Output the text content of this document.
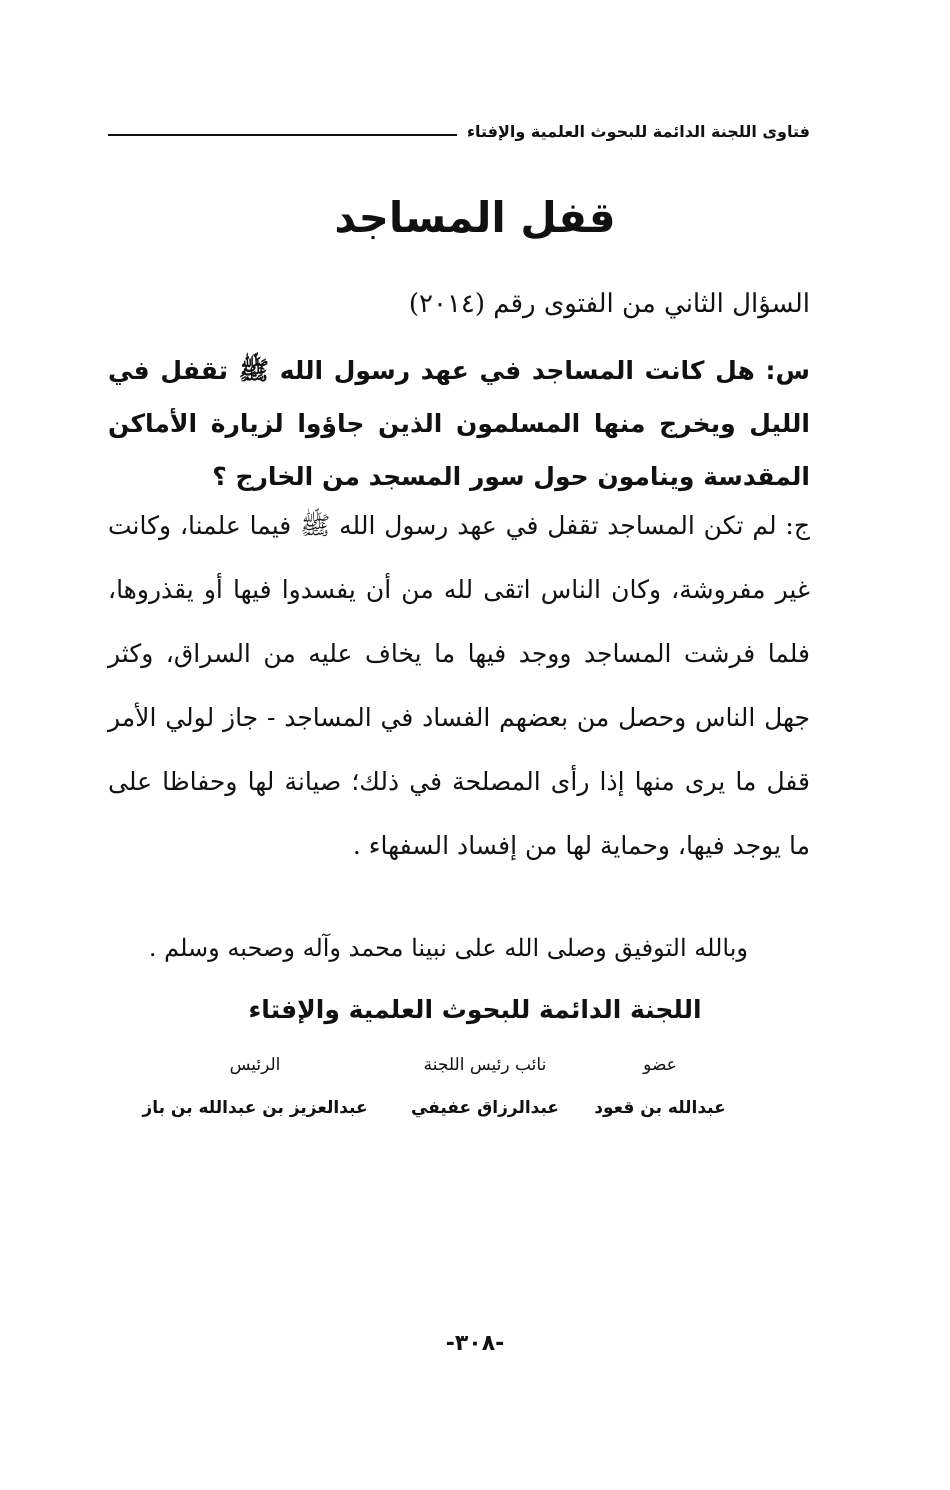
فتاوى اللجنة الدائمة للبحوث العلمية والإفتاء
قفل المساجد
السؤال الثاني من الفتوى رقم (٢٠١٤)
س: هل كانت المساجد في عهد رسول الله ﷺ تقفل في الليل ويخرج منها المسلمون الذين جاؤوا لزيارة الأماكن المقدسة وينامون حول سور المسجد من الخارج ؟
ج: لم تكن المساجد تقفل في عهد رسول الله ﷺ فيما علمنا، وكانت غير مفروشة، وكان الناس اتقى لله من أن يفسدوا فيها أو يقذروها، فلما فرشت المساجد ووجد فيها ما يخاف عليه من السراق، وكثر جهل الناس وحصل من بعضهم الفساد في المساجد - جاز لولي الأمر قفل ما يرى منها إذا رأى المصلحة في ذلك؛ صيانة لها وحفاظا على ما يوجد فيها، وحماية لها من إفساد السفهاء .
وبالله التوفيق وصلى الله على نبينا محمد وآله وصحبه وسلم .
اللجنة الدائمة للبحوث العلمية والإفتاء
عضو
نائب رئيس اللجنة
الرئيس
عبدالله بن قعود
عبدالرزاق عفيفي
عبدالعزيز بن عبدالله بن باز
-٣٠٨-
